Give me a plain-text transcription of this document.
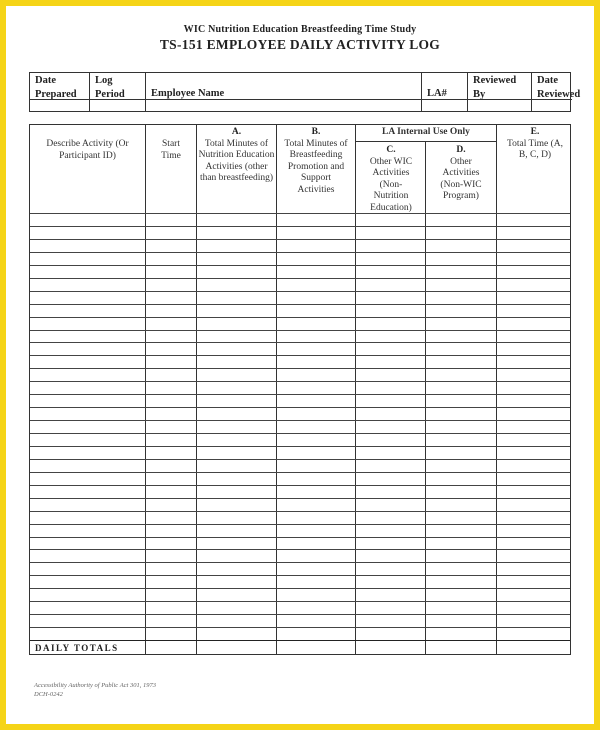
WIC Nutrition Education Breastfeeding Time Study
TS-151 EMPLOYEE DAILY ACTIVITY LOG
Date
Prepared
Log
Period	Employee Name	LA#
Reviewed
By
Date
Reviewed
Describe Activity (Or Participant ID)
Start Time
A.
Total Minutes of Nutrition Education Activities (other than breastfeeding)
B.
Total Minutes of Breastfeeding Promotion and Support Activities
LA Internal Use Only
C.
Other WIC Activities (Non-Nutrition Education)
D.
Other Activities (Non-WIC Program)
E.
Total Time (A, B, C, D)
DAILY TOTALS
Accessibility Authority of Public Act 301, 1973
DCH-0242
